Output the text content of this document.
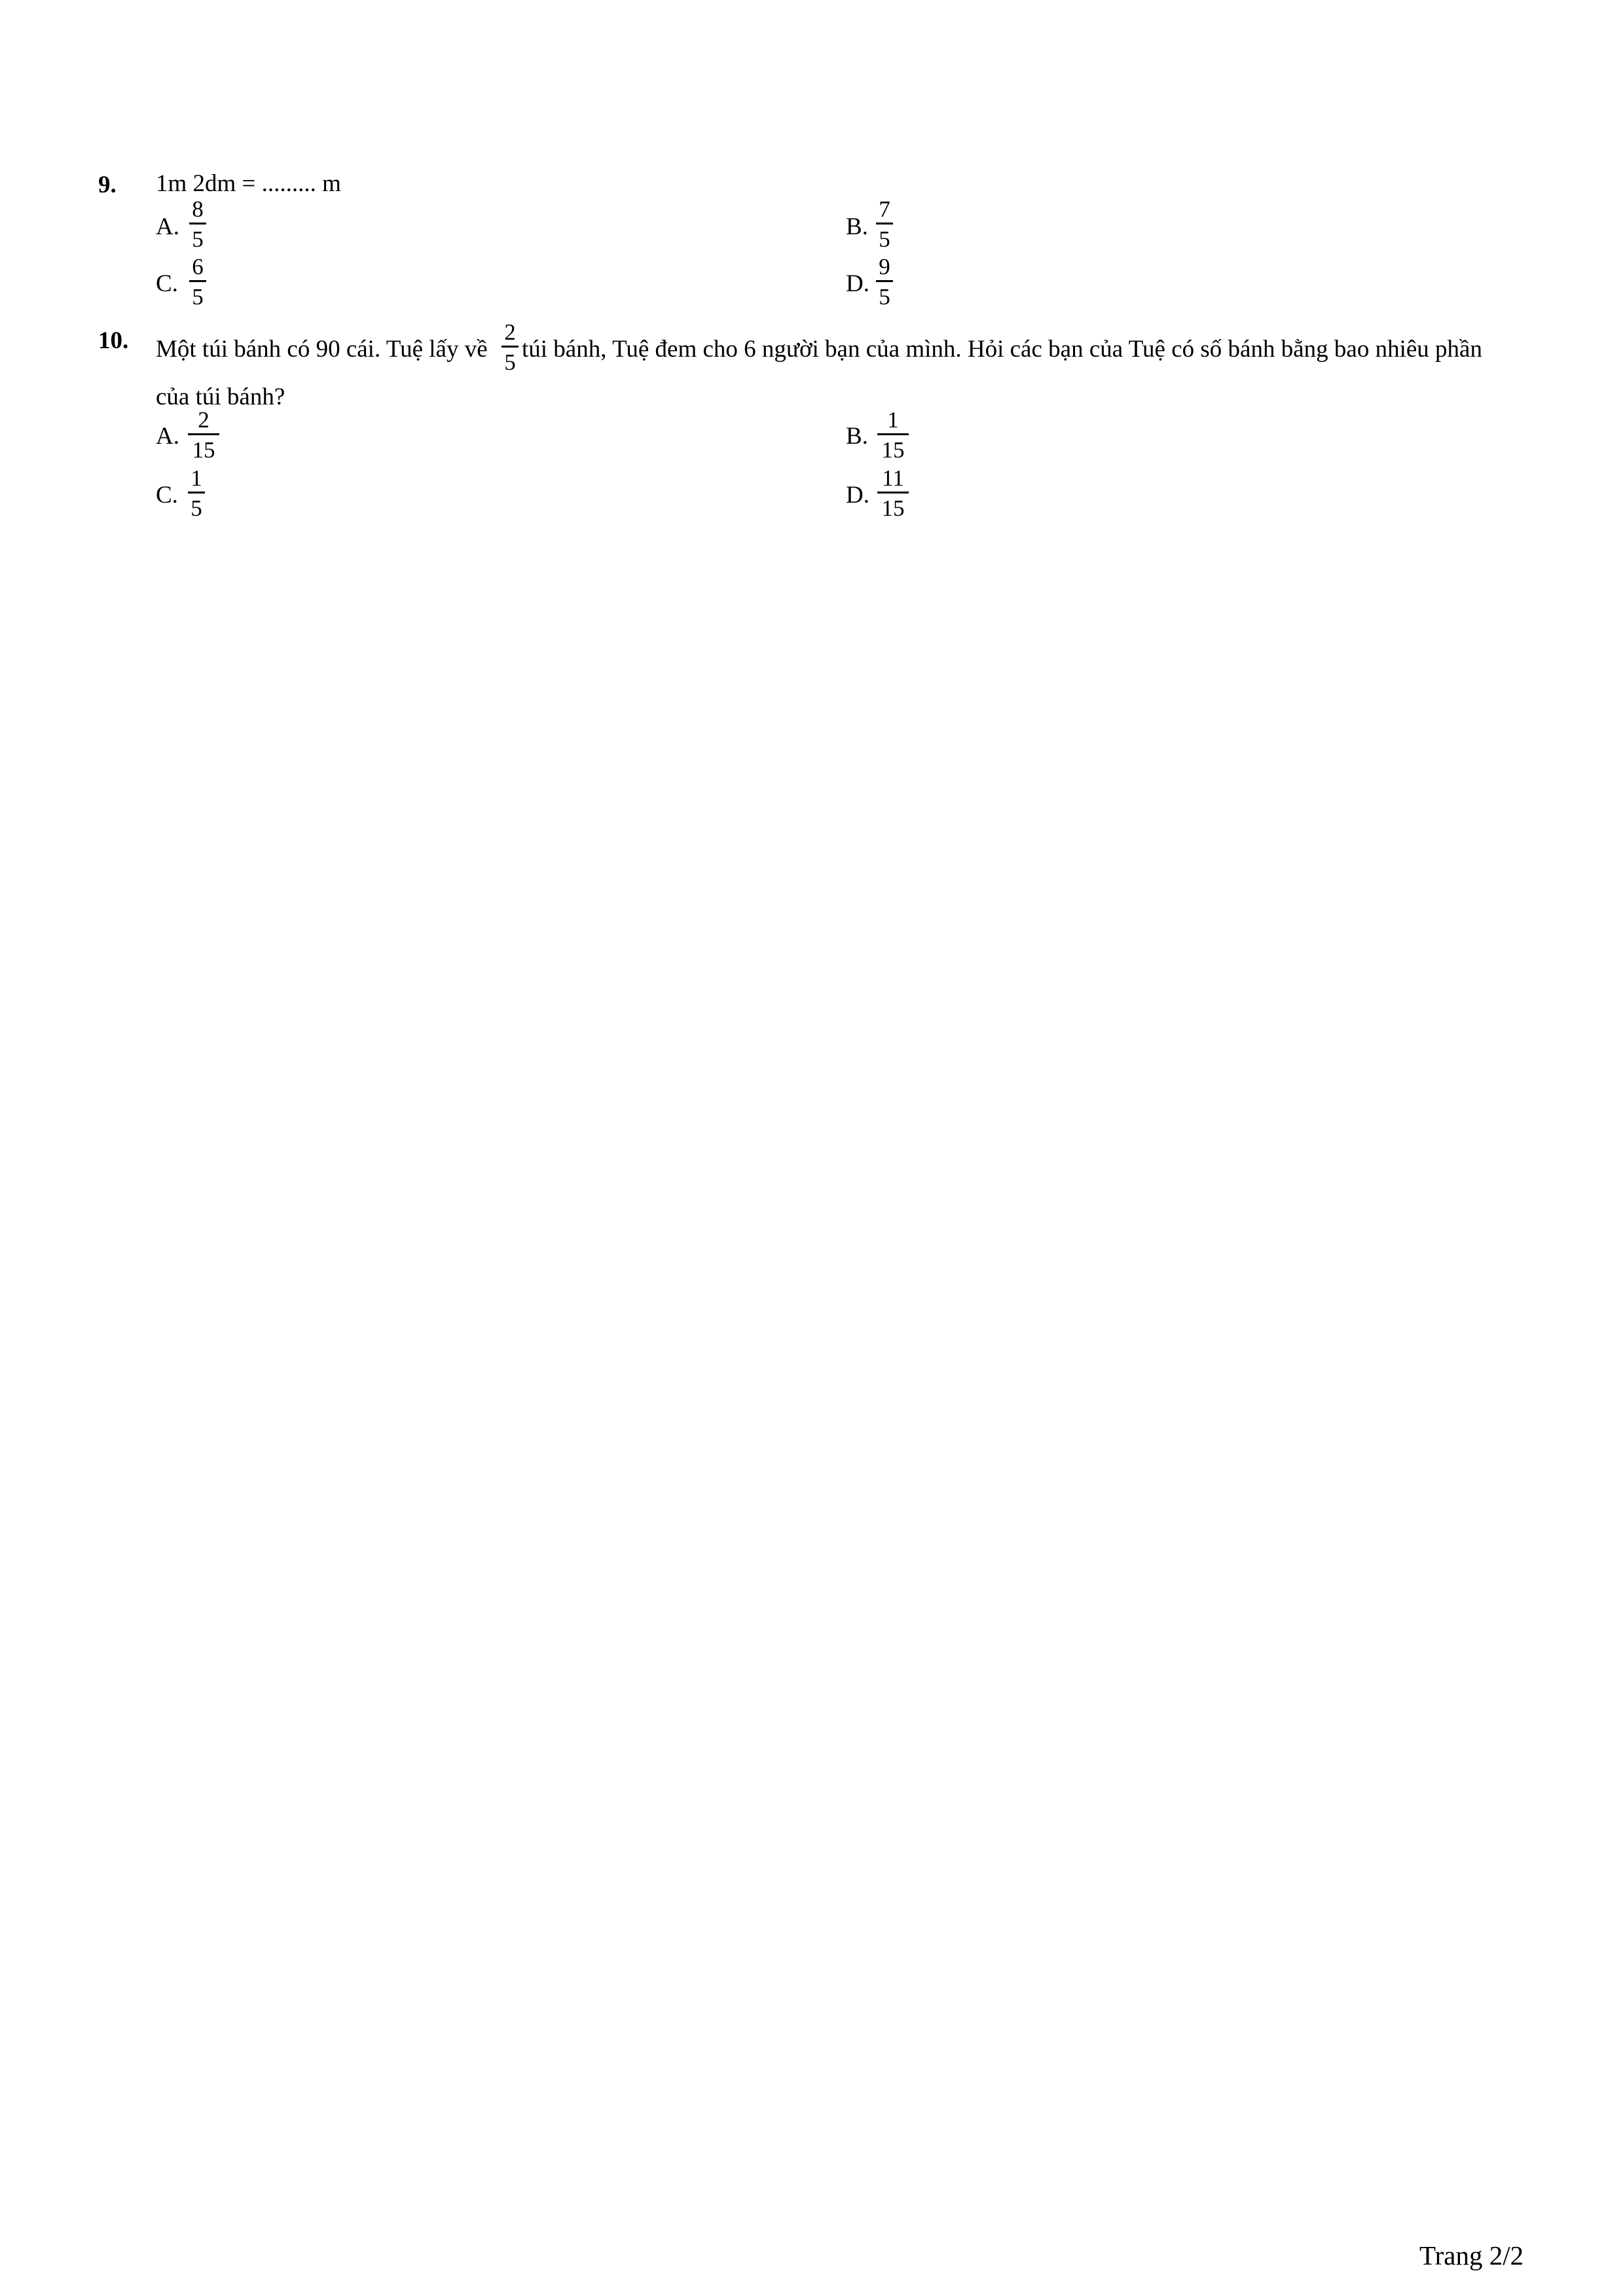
9. 1m 2dm = ......... m
A.
8
5	B.
7
5
C.
6
5	D.
9
5
10. Một túi bánh có 90 cái. Tuệ lấy về
2
5 túi bánh, Tuệ đem cho 6 người bạn của mình. Hỏi các bạn của Tuệ có số bánh bằng bao nhiêu phần
của túi bánh?
A.
2
15
B.
1
15
C.
1
5	D.
11
15
Trang 2/2
